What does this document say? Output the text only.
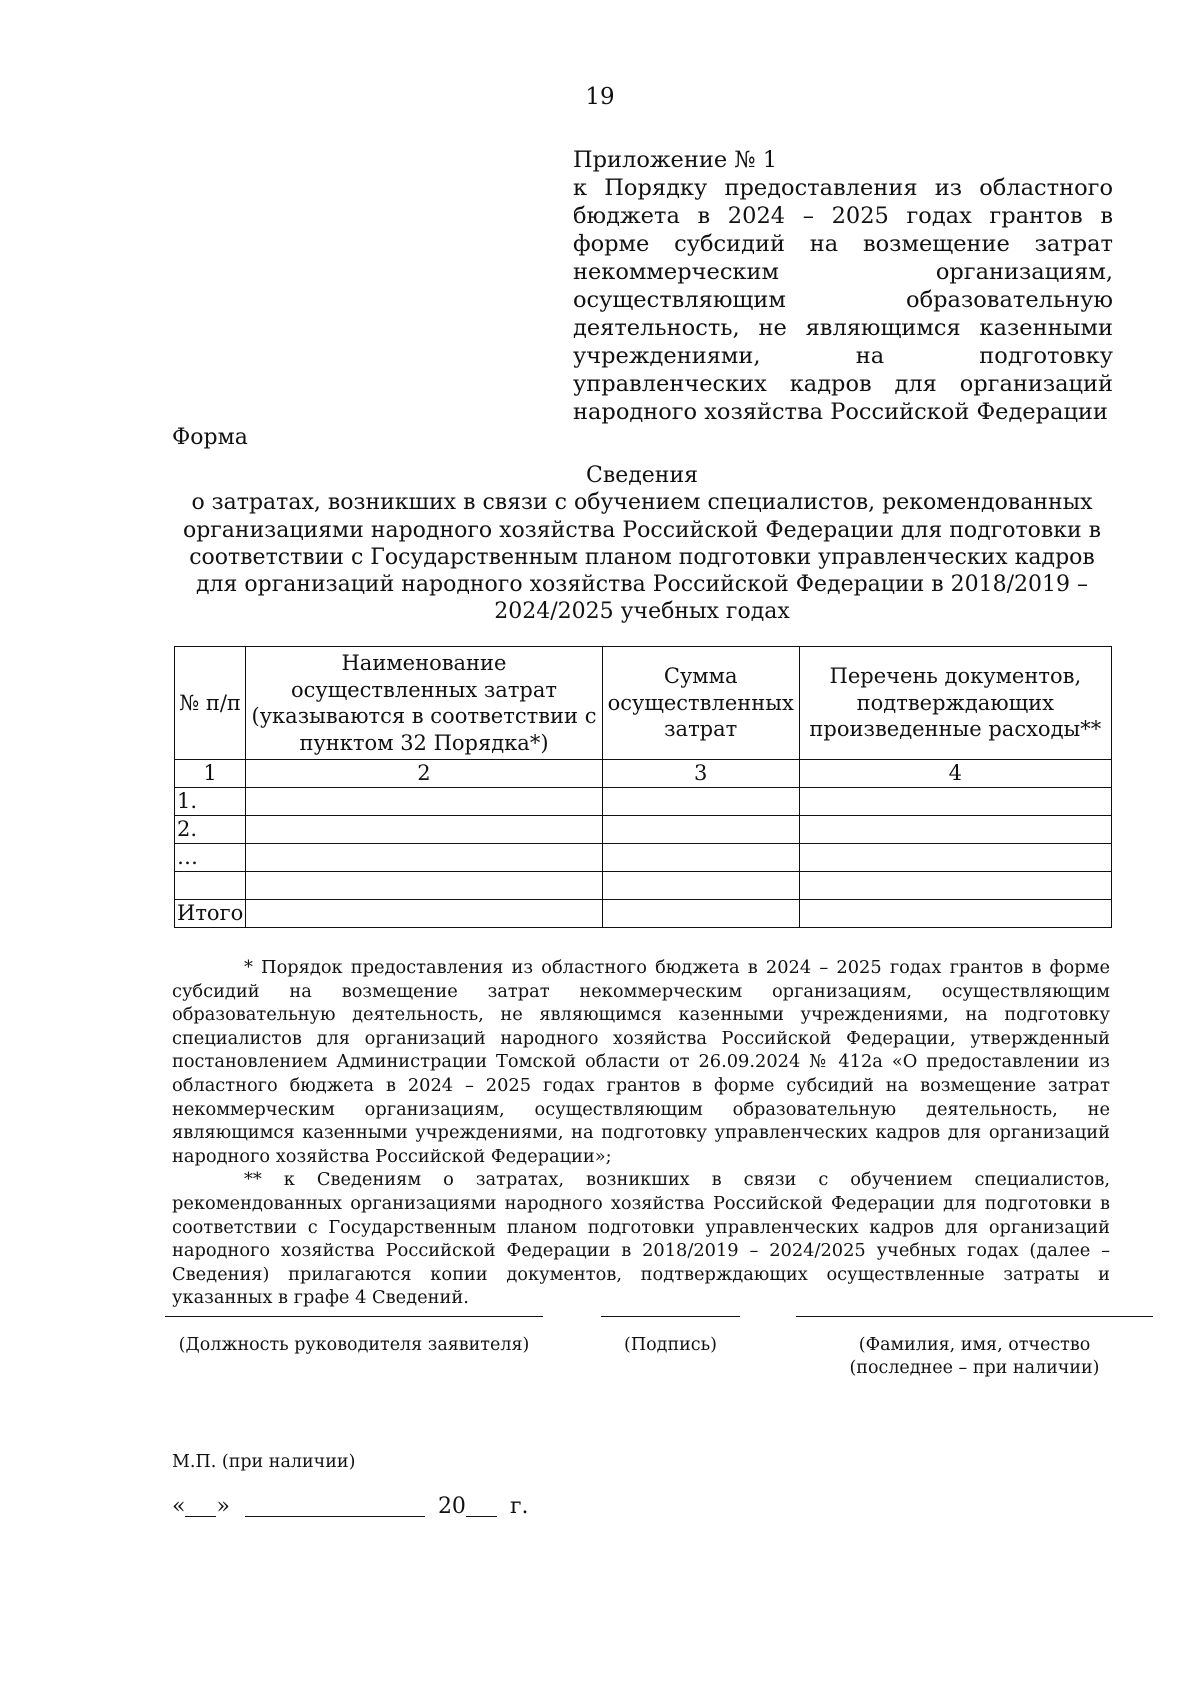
19
Приложение № 1
к Порядку предоставления из областного бюджета в 2024 – 2025 годах грантов в форме субсидий на возмещение затрат некоммерческим организациям, осуществляющим образовательную деятельность, не являющимся казенными учреждениями, на подготовку управленческих кадров для организаций народного хозяйства Российской Федерации
Форма
Сведения
о затратах, возникших в связи с обучением специалистов, рекомендованных организациями народного хозяйства Российской Федерации для подготовки в соответствии с Государственным планом подготовки управленческих кадров для организаций народного хозяйства Российской Федерации в 2018/2019 – 2024/2025 учебных годах
№ п/п	Наименование осуществленных затрат (указываются в соответствии с пунктом 32 Порядка*)	Сумма осуществленных затрат	Перечень документов, подтверждающих произведенные расходы**
1	2	3	4
1.			
2.			
…			

Итого			

* Порядок предоставления из областного бюджета в 2024 – 2025 годах грантов в форме субсидий на возмещение затрат некоммерческим организациям, осуществляющим образовательную деятельность, не являющимся казенными учреждениями, на подготовку специалистов для организаций народного хозяйства Российской Федерации, утвержденный постановлением Администрации Томской области от 26.09.2024 № 412а «О предоставлении из областного бюджета в 2024 – 2025 годах грантов в форме субсидий на возмещение затрат некоммерческим организациям, осуществляющим образовательную деятельность, не являющимся казенными учреждениями, на подготовку управленческих кадров для организаций народного хозяйства Российской Федерации»;

** к Сведениям о затратах, возникших в связи с обучением специалистов, рекомендованных организациями народного хозяйства Российской Федерации для подготовки в соответствии с Государственным планом подготовки управленческих кадров для организаций народного хозяйства Российской Федерации в 2018/2019 – 2024/2025 учебных годах (далее – Сведения) прилагаются копии документов, подтверждающих осуществленные затраты и указанных в графе 4 Сведений.

(Должность руководителя заявителя)	(Подпись)	(Фамилия, имя, отчество
(последнее – при наличии)
М.П. (при наличии)
« »	20 г.
